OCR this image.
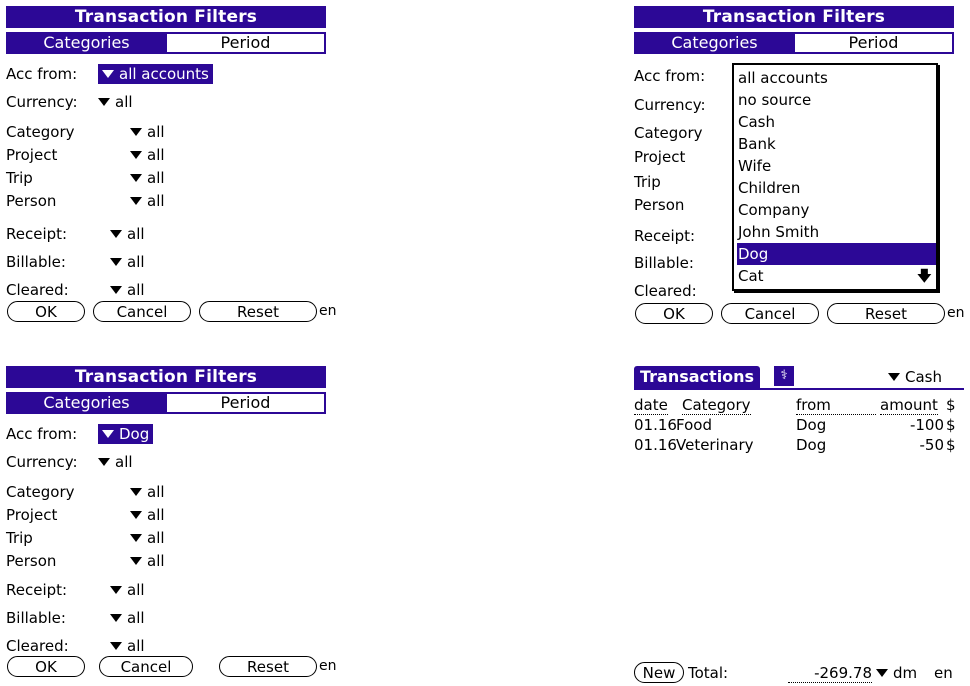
Transaction Filters
Categories	Period
Acc from:	all accounts
Currency:	all
Category	all
Project	all
Trip	all
Person	all
Receipt:	all
Billable:	all
Cleared:	all
OK	Cancel	Reset	en
Transaction Filters
Categories	Period
Acc from:
Currency:
Category
Project
Trip
Person
Receipt:
Billable:
Cleared:
all accounts
no source
Cash
Bank
Wife
Children
Company
John Smith
Dog
Cat	🡇
OK	Cancel	Reset	en
Transaction Filters
Categories	Period
Acc from:	Dog
Currency:	all
Category	all
Project	all
Trip	all
Person	all
Receipt:	all
Billable:	all
Cleared:	all
OK	Cancel	Reset	en
Transactions	⚕	Cash
date Category	from	amount $
01.16 Food	Dog	-100 $
01.16 Veterinary	Dog	-50 $
New Total:	-269.78	dm en
